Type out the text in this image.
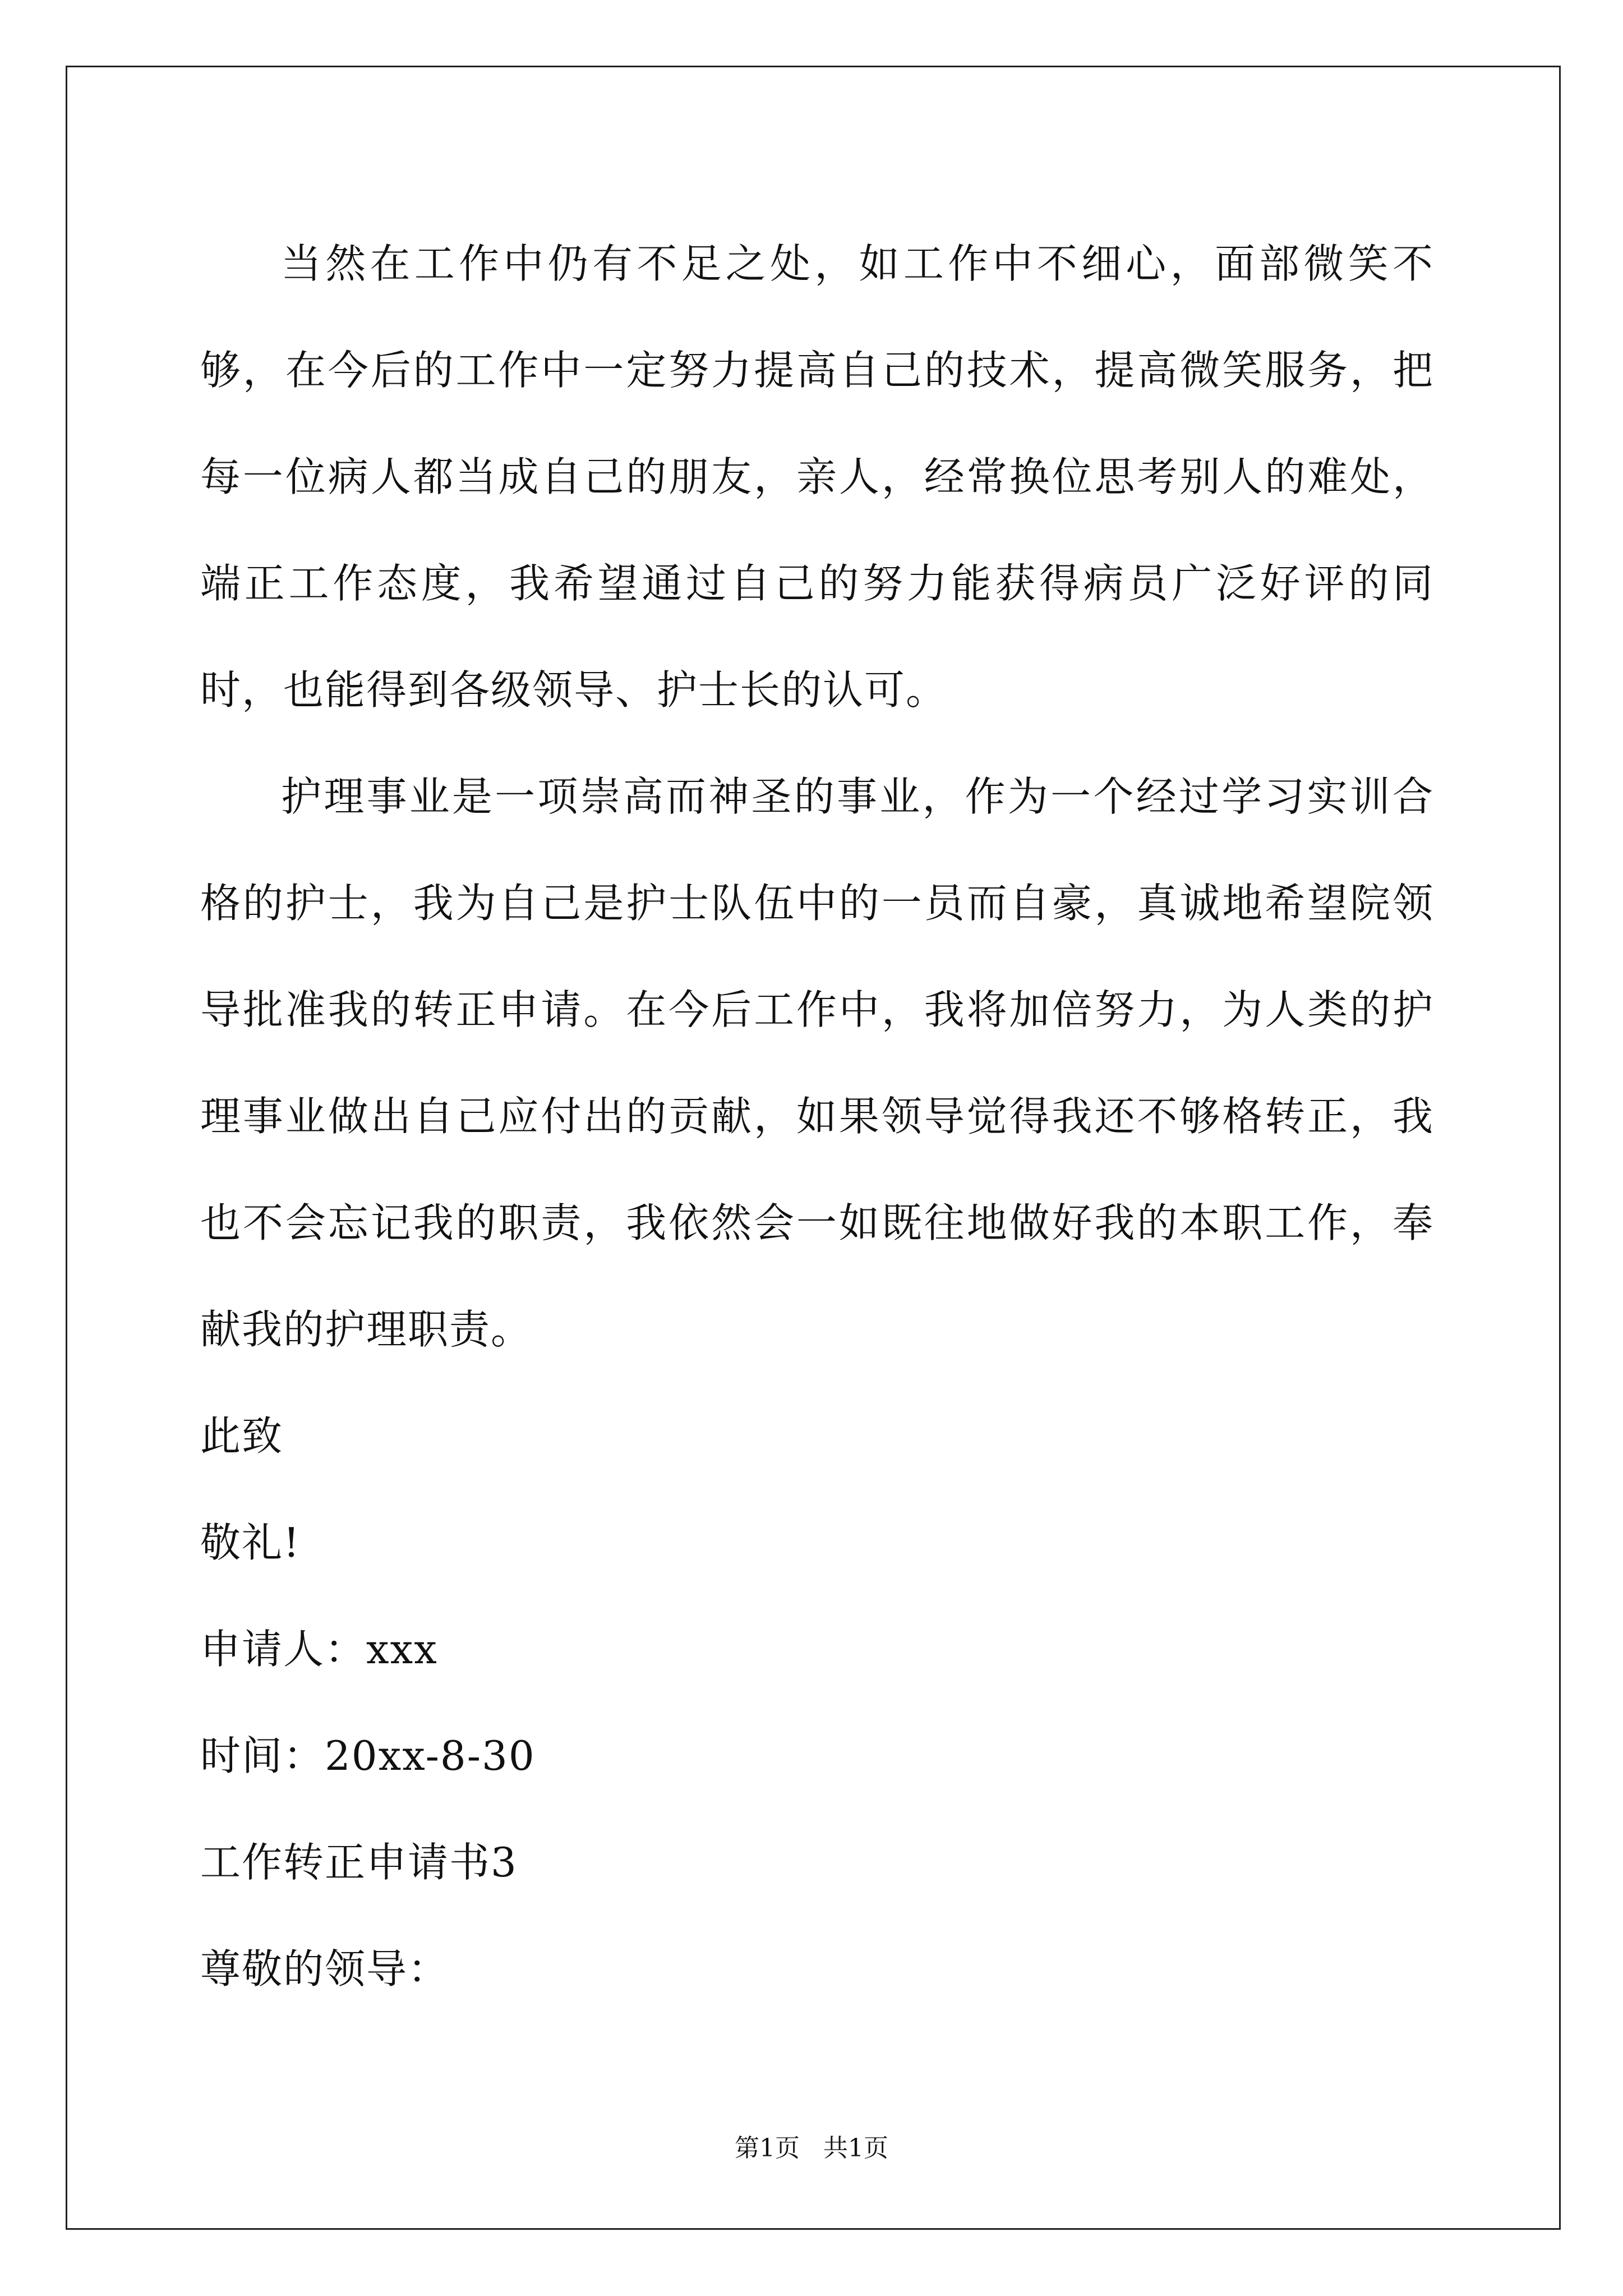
当然在工作中仍有不足之处，如工作中不细心，面部微笑不够，在今后的工作中一定努力提高自己的技术，提高微笑服务，把每一位病人都当成自己的朋友，亲人，经常换位思考别人的难处，端正工作态度，我希望通过自己的努力能获得病员广泛好评的同时，也能得到各级领导、护士长的认可。

护理事业是一项崇高而神圣的事业，作为一个经过学习实训合格的护士，我为自己是护士队伍中的一员而自豪，真诚地希望院领导批准我的转正申请。在今后工作中，我将加倍努力，为人类的护理事业做出自己应付出的贡献，如果领导觉得我还不够格转正，我也不会忘记我的职责，我依然会一如既往地做好我的本职工作，奉献我的护理职责。

此致

敬礼!

申请人：xxx

时间：20xx-8-30

工作转正申请书3

尊敬的领导：

第1页   共1页
